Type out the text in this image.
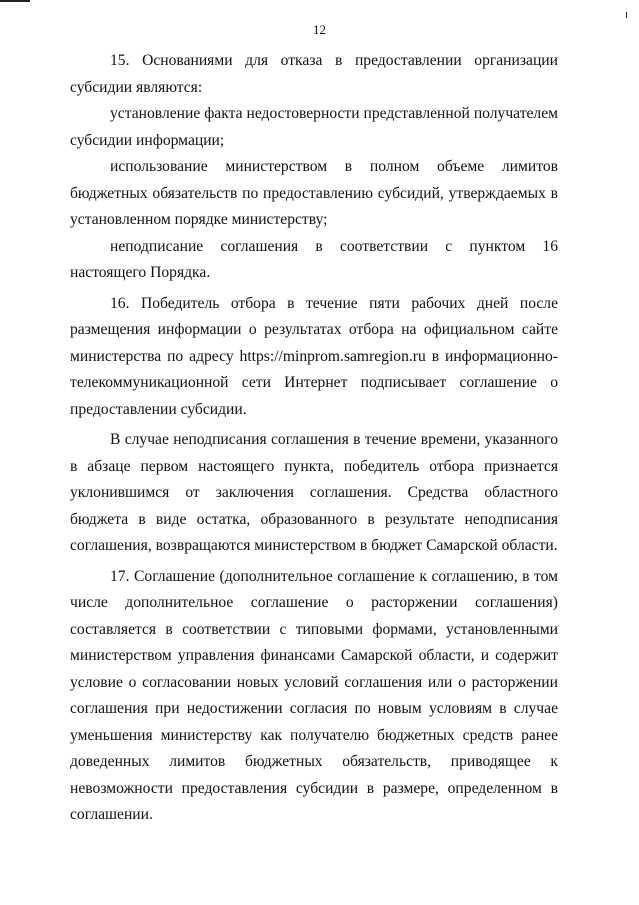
12

15. Основаниями для отказа в предоставлении организации субсидии являются:

установление факта недостоверности представленной получателем субсидии информации;

использование министерством в полном объеме лимитов бюджетных обязательств по предоставлению субсидий, утверждаемых в установленном порядке министерству;

неподписание соглашения в соответствии с пунктом 16 настоящего Порядка.

16. Победитель отбора в течение пяти рабочих дней после размещения информации о результатах отбора на официальном сайте министерства по адресу https://minprom.samregion.ru в информационно-телекоммуникационной сети Интернет подписывает соглашение о предоставлении субсидии.

В случае неподписания соглашения в течение времени, указанного в абзаце первом настоящего пункта, победитель отбора признается уклонившимся от заключения соглашения. Средства областного бюджета в виде остатка, образованного в результате неподписания соглашения, возвращаются министерством в бюджет Самарской области.

17. Соглашение (дополнительное соглашение к соглашению, в том числе дополнительное соглашение о расторжении соглашения) составляется в соответствии с типовыми формами, установленными министерством управления финансами Самарской области, и содержит условие о согласовании новых условий соглашения или о расторжении соглашения при недостижении согласия по новым условиям в случае уменьшения министерству как получателю бюджетных средств ранее доведенных лимитов бюджетных обязательств, приводящее к невозможности предоставления субсидии в размере, определенном в соглашении.
